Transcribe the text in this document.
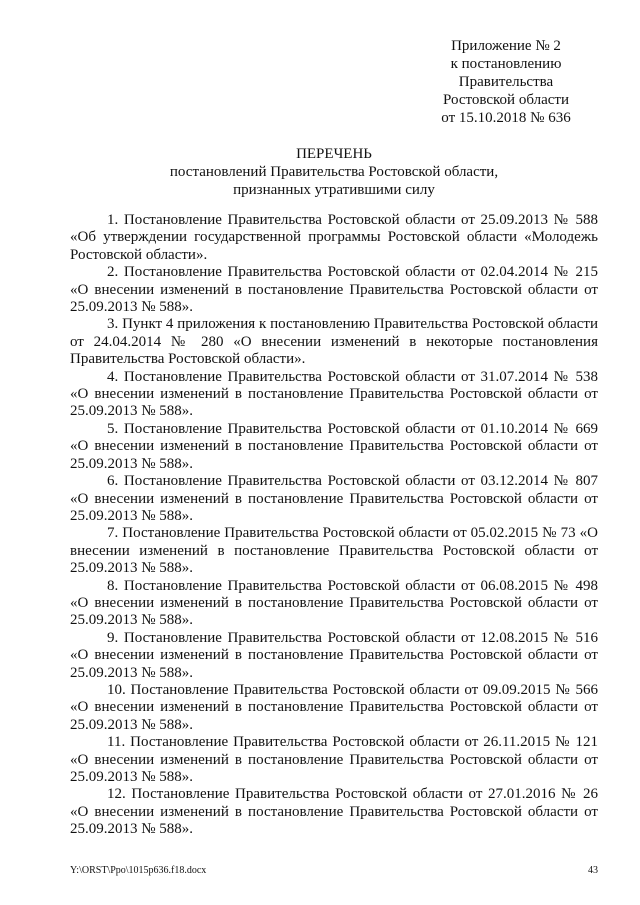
Приложение № 2
к постановлению
Правительства
Ростовской области
от 15.10.2018 № 636
ПЕРЕЧЕНЬ
постановлений Правительства Ростовской области,
признанных утратившими силу

1. Постановление Правительства Ростовской области от 25.09.2013 № 588 «Об утверждении государственной программы Ростовской области «Молодежь Ростовской области».

2. Постановление Правительства Ростовской области от 02.04.2014 № 215 «О внесении изменений в постановление Правительства Ростовской области от 25.09.2013 № 588».

3. Пункт 4 приложения к постановлению Правительства Ростовской области от 24.04.2014 № 280 «О внесении изменений в некоторые постановления Правительства Ростовской области».

4. Постановление Правительства Ростовской области от 31.07.2014 № 538 «О внесении изменений в постановление Правительства Ростовской области от 25.09.2013 № 588».

5. Постановление Правительства Ростовской области от 01.10.2014 № 669 «О внесении изменений в постановление Правительства Ростовской области от 25.09.2013 № 588».

6. Постановление Правительства Ростовской области от 03.12.2014 № 807 «О внесении изменений в постановление Правительства Ростовской области от 25.09.2013 № 588».

7. Постановление Правительства Ростовской области от 05.02.2015 № 73 «О внесении изменений в постановление Правительства Ростовской области от 25.09.2013 № 588».

8. Постановление Правительства Ростовской области от 06.08.2015 № 498 «О внесении изменений в постановление Правительства Ростовской области от 25.09.2013 № 588».

9. Постановление Правительства Ростовской области от 12.08.2015 № 516 «О внесении изменений в постановление Правительства Ростовской области от 25.09.2013 № 588».

10. Постановление Правительства Ростовской области от 09.09.2015 № 566 «О внесении изменений в постановление Правительства Ростовской области от 25.09.2013 № 588».

11. Постановление Правительства Ростовской области от 26.11.2015 № 121 «О внесении изменений в постановление Правительства Ростовской области от 25.09.2013 № 588».

12. Постановление Правительства Ростовской области от 27.01.2016 № 26 «О внесении изменений в постановление Правительства Ростовской области от 25.09.2013 № 588».

Y:\ORST\Ppo\1015p636.f18.docx	43
